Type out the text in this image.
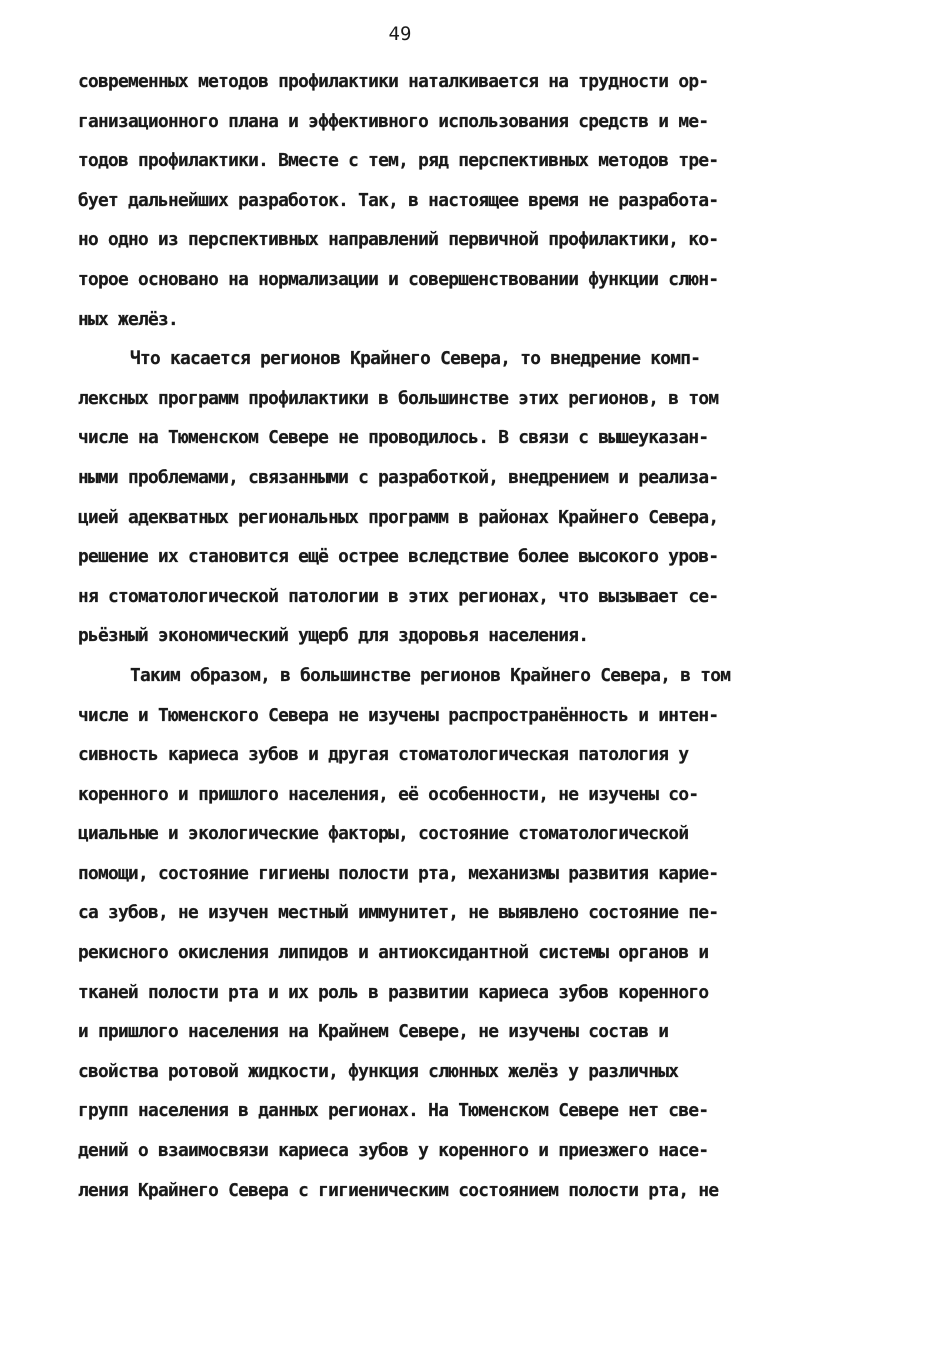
49
современных методов профилактики наталкивается на трудности ор-
ганизационного плана и эффективного использования средств и ме-
тодов профилактики. Вместе с тем, ряд перспективных методов тре-
бует дальнейших разработок. Так, в настоящее время не разработа-
но одно из перспективных направлений первичной профилактики, ко-
торое основано на нормализации и совершенствовании функции слюн-
ных желёз.
Что касается регионов Крайнего Севера, то внедрение комп-
лексных программ профилактики в большинстве этих регионов, в том
числе на Тюменском Севере не проводилось. В связи с вышеуказан-
ными проблемами, связанными с разработкой, внедрением и реализа-
цией адекватных региональных программ в районах Крайнего Севера,
решение их становится ещё острее вследствие более высокого уров-
ня стоматологической патологии в этих регионах, что вызывает се-
рьёзный экономический ущерб для здоровья населения.
Таким образом, в большинстве регионов Крайнего Севера, в том
числе и Тюменского Севера не изучены распространённость и интен-
сивность кариеса зубов и другая стоматологическая патология у
коренного и пришлого населения, её особенности, не изучены со-
циальные и экологические факторы, состояние стоматологической
помощи, состояние гигиены полости рта, механизмы развития карие-
са зубов, не изучен местный иммунитет, не выявлено состояние пе-
рекисного окисления липидов и антиоксидантной системы органов и
тканей полости рта и их роль в развитии кариеса зубов коренного
и пришлого населения на Крайнем Севере, не изучены состав и
свойства ротовой жидкости, функция слюнных желёз у различных
групп населения в данных регионах. На Тюменском Севере нет све-
дений о взаимосвязи кариеса зубов у коренного и приезжего насе-
ления Крайнего Севера с гигиеническим состоянием полости рта, не
